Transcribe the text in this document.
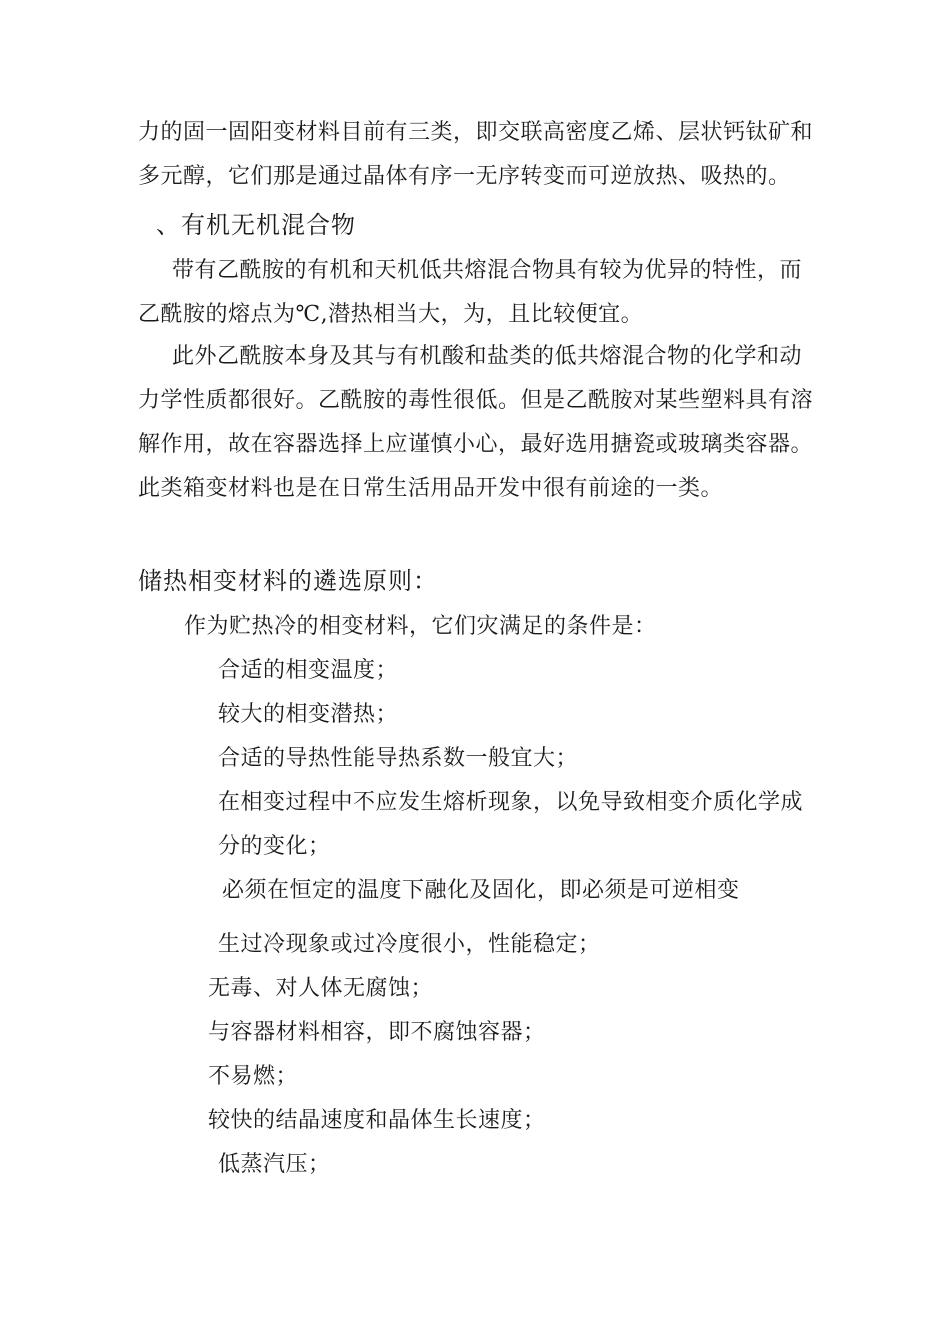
力的固一固阳变材料目前有三类，即交联高密度乙烯、层状钙钛矿和
多元醇，它们那是通过晶体有序一无序转变而可逆放热、吸热的。
、有机无机混合物
带有乙酰胺的有机和天机低共熔混合物具有较为优异的特性，而
乙酰胺的熔点为℃,潜热相当大，为，且比较便宜。
此外乙酰胺本身及其与有机酸和盐类的低共熔混合物的化学和动
力学性质都很好。乙酰胺的毒性很低。但是乙酰胺对某些塑料具有溶
解作用，故在容器选择上应谨慎小心，最好选用搪瓷或玻璃类容器。
此类箱变材料也是在日常生活用品开发中很有前途的一类。
储热相变材料的遴选原则：
作为贮热冷的相变材料，它们灾满足的条件是：
合适的相变温度；
较大的相变潜热；
合适的导热性能导热系数一般宜大；
在相变过程中不应发生熔析现象，以免导致相变介质化学成
分的变化；
必须在恒定的温度下融化及固化，即必须是可逆相变
生过冷现象或过冷度很小，性能稳定；
无毒、对人体无腐蚀；
与容器材料相容，即不腐蚀容器；
不易燃；
较快的结晶速度和晶体生长速度；
低蒸汽压；
